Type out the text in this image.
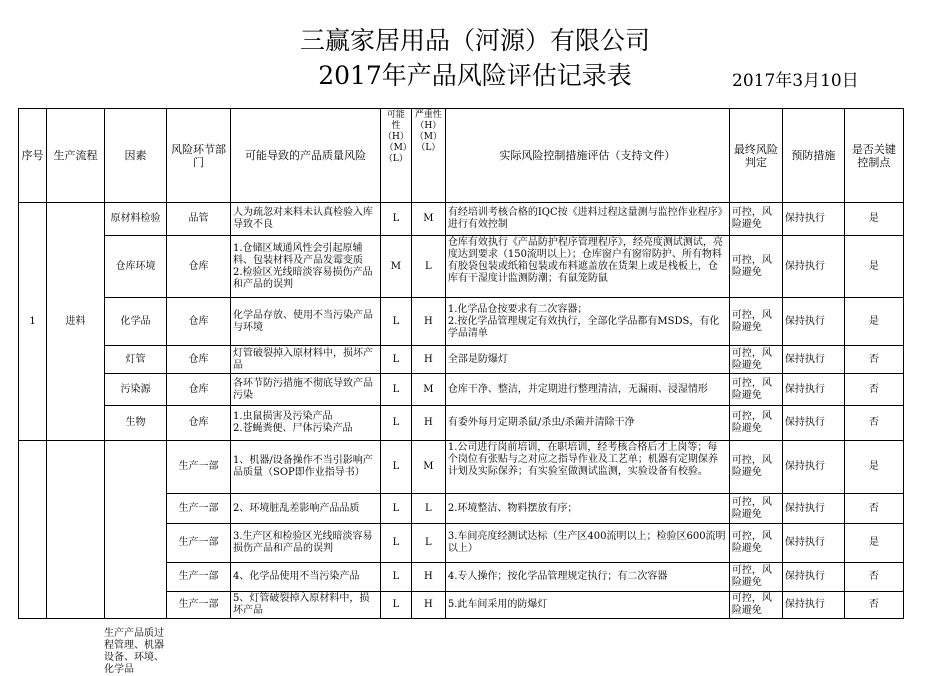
三赢家居用品（河源）有限公司
2017年产品风险评估记录表	2017年3月10日
序号	生产流程	因素	风险环节部门	可能导致的产品质量风险	可能性（H）（M）（L）	严重性（H）（M）（L）	实际风险控制措施评估（支持文件）	最终风险判定	预防措施	是否关键控制点
1	进料	原材料检验	品管	人为疏忽对来料未认真检验入库导致不良	L	M	有经培训考核合格的IQC按《进料过程这量测与监控作业程序》进行有效控制	可控，风险避免	保持执行	是
		仓库环境	仓库	1.仓储区域通风性会引起原辅料、包装材料及产品发霉变质
2.检验区光线暗淡容易损伤产品和产品的误判	M	L	仓库有效执行《产品防护程序管理程序》，经亮度测试测试，亮度达到要求（150流明以上）；仓库窗户有窗帘防护、所有物料有胶袋包装或纸箱包装或布料遮盖放在货架上或是栈板上，仓库有干湿度计监测防潮；有鼠笼防鼠	可控，风险避免	保持执行	是
		化学品	仓库	化学品存放、使用不当污染产品与环境	L	H	1.化学品仓按要求有二次容器；
2.按化学品管理规定有效执行，全部化学品都有MSDS，有化学品清单	可控，风险避免	保持执行	是
		灯管	仓库	灯管破裂掉入原材料中，损坏产品	L	H	全部是防爆灯	可控，风险避免	保持执行	否
		污染源	仓库	各环节防污措施不彻底导致产品污染	L	M	仓库干净、整洁，并定期进行整理清洁，无漏雨、浸湿情形	可控，风险避免	保持执行	否
		生物	仓库	1.虫鼠损害及污染产品
2.苍蝇粪便、尸体污染产品	L	H	有委外每月定期杀鼠/杀虫/杀菌并清除干净	可控，风险避免	保持执行	否
			生产一部	1、机器/设备操作不当引影响产品质量（SOP即作业指导书）	L	M	1.公司进行岗前培训，在职培训，经考核合格后才上岗等；每个岗位有张贴与之对应之指导作业及工艺单；机器有定期保养计划及实际保养；有实验室做测试监测，实验设备有校验。	可控，风险避免	保持执行	是
			生产一部	2、环境脏乱差影响产品品质	L	L	2.环境整洁、物料摆放有序；	可控，风险避免	保持执行	否
			生产一部	3.生产区和检验区光线暗淡容易损伤产品和产品的误判	L	L	3.车间亮度经测试达标（生产区400流明以上；检验区600流明以上）	可控，风险避免	保持执行	是
			生产一部	4、化学品使用不当污染产品	L	H	4.专人操作；按化学品管理规定执行；有二次容器	可控，风险避免	保持执行	否
			生产一部	5、灯管破裂掉入原材料中，损坏产品	L	H	5.此车间采用的防爆灯	可控，风险避免	保持执行	否
生产产品质过程管理、机器设备、环境、化学品
